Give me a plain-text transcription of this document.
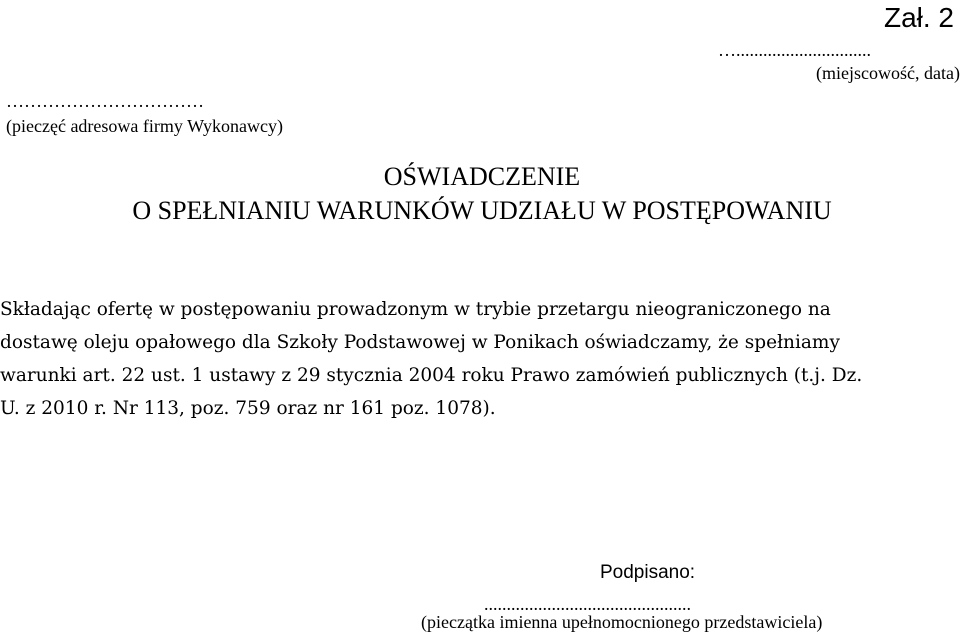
Zał. 2
…..............................
(miejscowość, data)
……………………………
(pieczęć adresowa firmy Wykonawcy)
OŚWIADCZENIE
O SPEŁNIANIU WARUNKÓW UDZIAŁU W POSTĘPOWANIU
Składając ofertę w postępowaniu prowadzonym w trybie przetargu nieograniczonego na
dostawę oleju opałowego dla Szkoły Podstawowej w Ponikach oświadczamy, że spełniamy
warunki art. 22 ust. 1 ustawy z 29 stycznia 2004 roku Prawo zamówień publicznych (t.j. Dz.
U. z 2010 r. Nr 113, poz. 759 oraz nr 161 poz. 1078).
Podpisano:
..............................................
(pieczątka imienna upełnomocnionego przedstawiciela)
